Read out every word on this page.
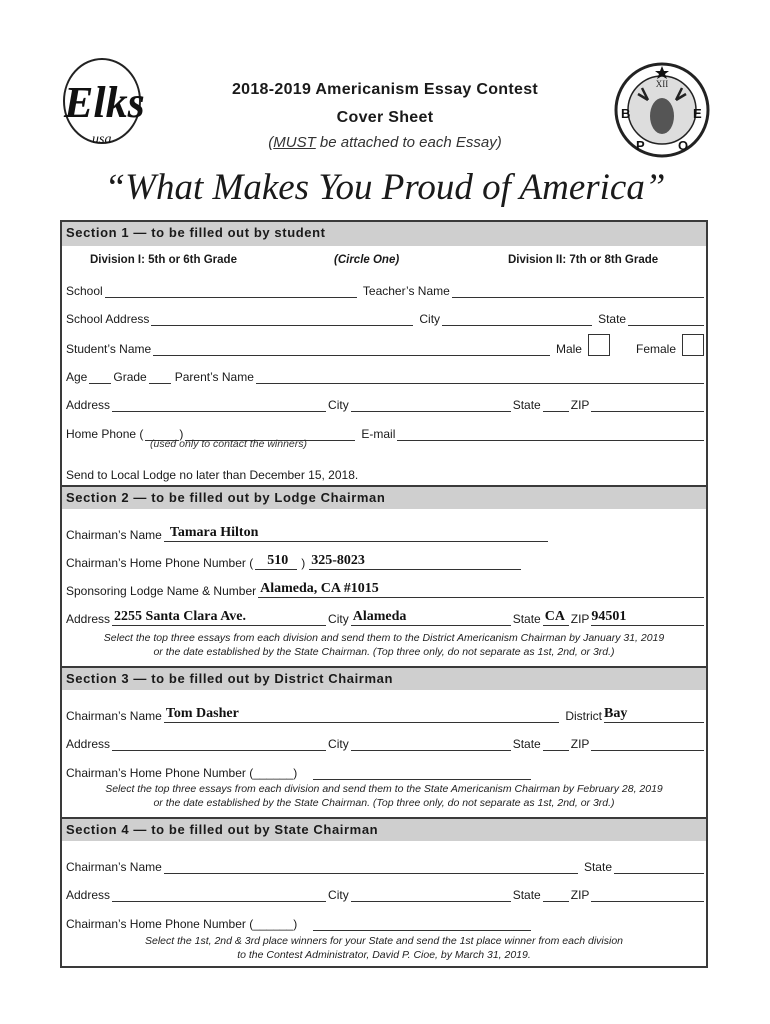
Elks
usa
XII
B
P	O
E
2018-2019 Americanism Essay Contest
Cover Sheet
(MUST be attached to each Essay)
“What Makes You Proud of America”
Section 1 — to be filled out by student
Division I: 5th or 6th Grade	(Circle One)	Division II: 7th or 8th Grade
School	Teacher’s Name
School Address	City	State
Student’s Name	Male	Female
Age Grade Parent’s Name
Address	City	State	ZIP
Home Phone (	)	E-mail
(used only to contact the winners)
Send to Local Lodge no later than December 15, 2018.
Section 2 — to be filled out by Lodge Chairman
Chairman’s Name Tamara Hilton
Chairman’s Home Phone Number ( 510	) 325-8023
Sponsoring Lodge Name & Number Alameda, CA #1015
Address 2255 Santa Clara Ave.	City Alameda	State CA ZIP 94501
Select the top three essays from each division and send them to the District Americanism Chairman by January 31, 2019
or the date established by the State Chairman. (Top three only, do not separate as 1st, 2nd, or 3rd.)
Section 3 — to be filled out by District Chairman
Chairman’s Name Tom Dasher	District Bay
Address	City	State	ZIP
Chairman’s Home Phone Number (______)
Select the top three essays from each division and send them to the State Americanism Chairman by February 28, 2019
or the date established by the State Chairman. (Top three only, do not separate as 1st, 2nd, or 3rd.)
Section 4 — to be filled out by State Chairman
Chairman’s Name	State
Address	City	State	ZIP
Chairman’s Home Phone Number (______)
Select the 1st, 2nd & 3rd place winners for your State and send the 1st place winner from each division
to the Contest Administrator, David P. Cioe, by March 31, 2019.
